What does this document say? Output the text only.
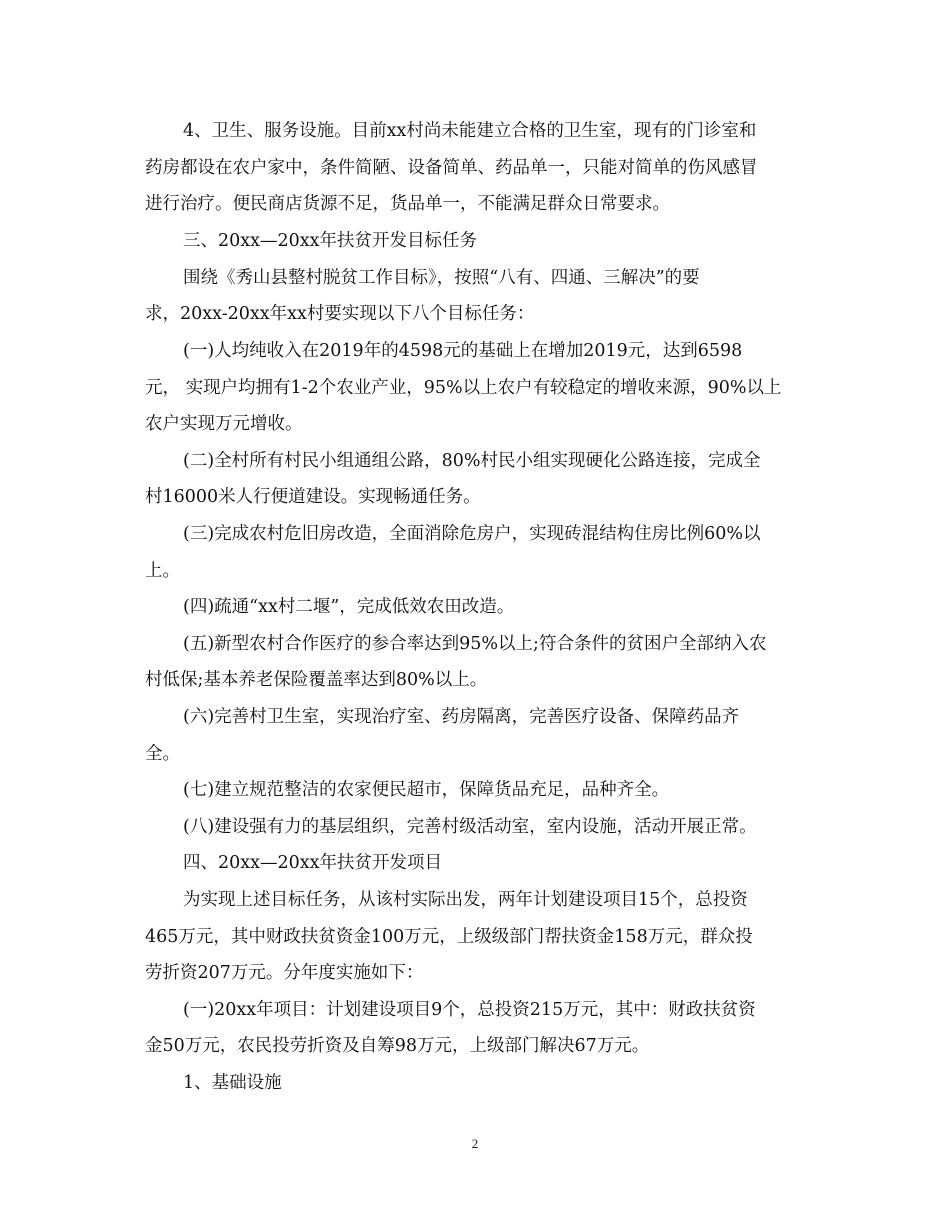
4、卫生、服务设施。目前xx村尚未能建立合格的卫生室，现有的门诊室和
药房都设在农户家中，条件简陋、设备简单、药品单一，只能对简单的伤风感冒
进行治疗。便民商店货源不足，货品单一，不能满足群众日常要求。
三、20xx—20xx年扶贫开发目标任务
围绕《秀山县整村脱贫工作目标》，按照“八有、四通、三解决”的要
求，20xx-20xx年xx村要实现以下八个目标任务：
(一)人均纯收入在2019年的4598元的基础上在增加2019元，达到6598
元， 实现户均拥有1-2个农业产业，95%以上农户有较稳定的增收来源，90%以上
农户实现万元增收。
(二)全村所有村民小组通组公路，80%村民小组实现硬化公路连接，完成全
村16000米人行便道建设。实现畅通任务。
(三)完成农村危旧房改造，全面消除危房户，实现砖混结构住房比例60%以
上。
(四)疏通“xx村二堰”，完成低效农田改造。
(五)新型农村合作医疗的参合率达到95%以上;符合条件的贫困户全部纳入农
村低保;基本养老保险覆盖率达到80%以上。
(六)完善村卫生室，实现治疗室、药房隔离，完善医疗设备、保障药品齐
全。
(七)建立规范整洁的农家便民超市，保障货品充足，品种齐全。
(八)建设强有力的基层组织，完善村级活动室，室内设施，活动开展正常。
四、20xx—20xx年扶贫开发项目
为实现上述目标任务，从该村实际出发，两年计划建设项目15个，总投资
465万元，其中财政扶贫资金100万元，上级级部门帮扶资金158万元，群众投
劳折资207万元。分年度实施如下：
(一)20xx年项目：计划建设项目9个，总投资215万元，其中：财政扶贫资
金50万元，农民投劳折资及自筹98万元，上级部门解决67万元。
1、基础设施
2
